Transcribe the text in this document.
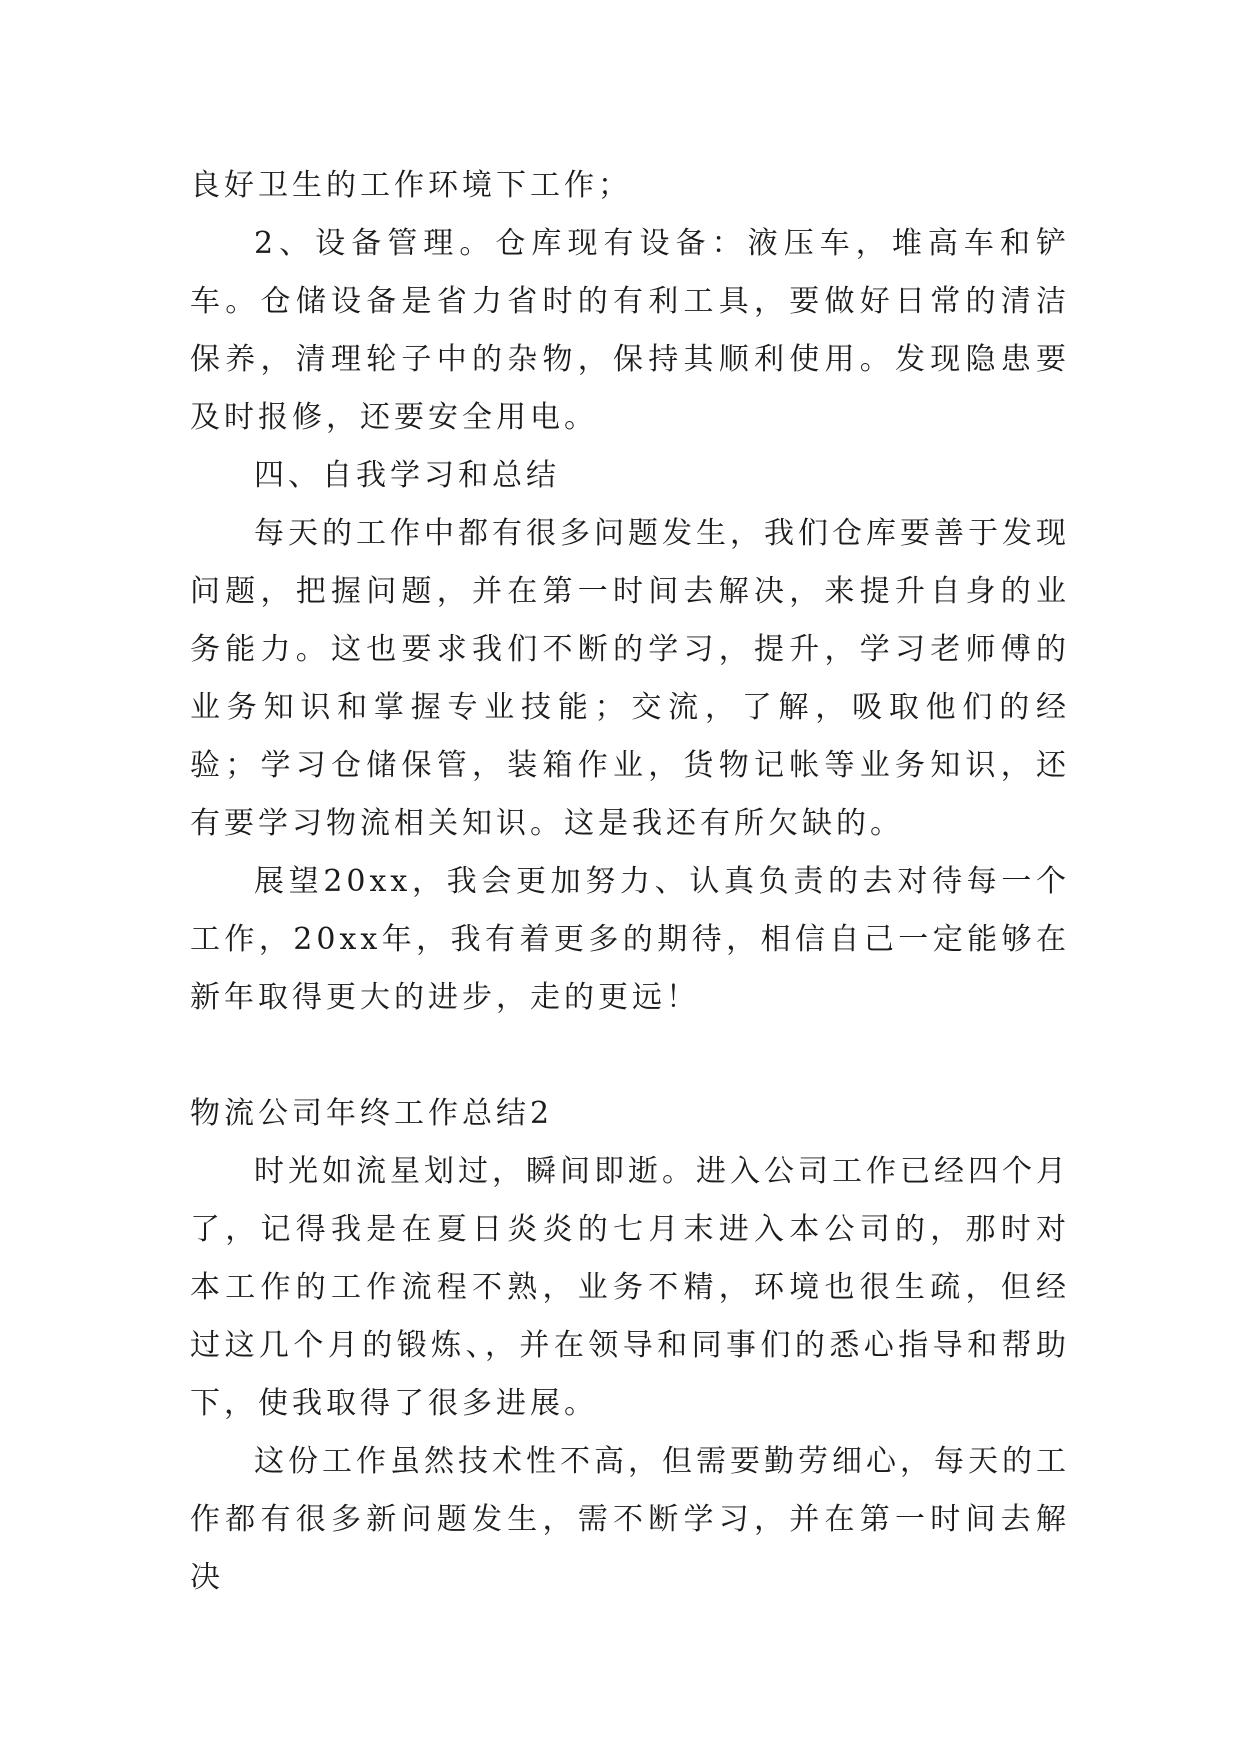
良好卫生的工作环境下工作；

2、设备管理。仓库现有设备：液压车，堆高车和铲车。仓储设备是省力省时的有利工具，要做好日常的清洁保养，清理轮子中的杂物，保持其顺利使用。发现隐患要及时报修，还要安全用电。

四、自我学习和总结

每天的工作中都有很多问题发生，我们仓库要善于发现问题，把握问题，并在第一时间去解决，来提升自身的业务能力。这也要求我们不断的学习，提升，学习老师傅的业务知识和掌握专业技能；交流，了解，吸取他们的经验；学习仓储保管，装箱作业，货物记帐等业务知识，还有要学习物流相关知识。这是我还有所欠缺的。

展望20xx，我会更加努力、认真负责的去对待每一个工作，20xx年，我有着更多的期待，相信自己一定能够在新年取得更大的进步，走的更远！

物流公司年终工作总结2

时光如流星划过，瞬间即逝。进入公司工作已经四个月了，记得我是在夏日炎炎的七月末进入本公司的，那时对本工作的工作流程不熟，业务不精，环境也很生疏，但经过这几个月的锻炼、，并在领导和同事们的悉心指导和帮助下，使我取得了很多进展。

这份工作虽然技术性不高，但需要勤劳细心，每天的工作都有很多新问题发生，需不断学习，并在第一时间去解决
